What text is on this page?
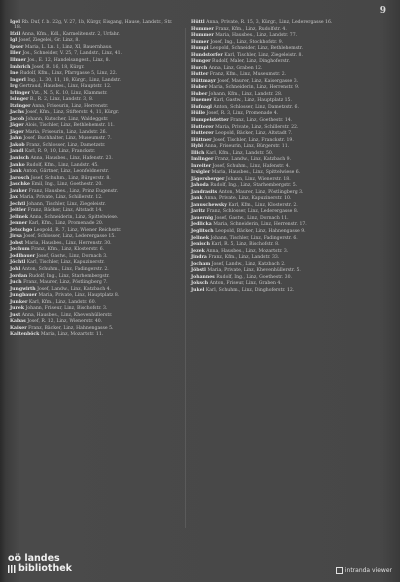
9
Igel Rb. Duf, f. b. 22g, V. 27, 1b, Kürgr, Eisgang, Hause, Landstr., Str. 18.
Ifzil Anna, Kfm., Kdl., Karmelitenstr. 2, Urfahr.
Igl Josef, Ziegelei, Gr. Linz, 8.
Ipser Maria, L. Ln. 1, Linz, XI, Bauernhaus.
Iller Jos., Schneider, V. 25, 7, Landstr., Linz, 41.
Illmer Jos., E. 12, Handelsangest., Linz, 8.
Imbrich Josef, R. 16, 18, Kürgr.
Ine Rudolf, Kfm., Linz, Pfarrgasse 5, Linz, 22.
Ingerl Ing., L. 30, 11, 18, Kürgr., Linz, Landstr.
Irg Gertraud, Hausbes., Linz, Hauptstr. 12.
Irlinger Vzt., N. 5, K. 10, Linz, Klammstr.
Isinger B., R. 2, Linz, Landstr. 3, 8.
Itzinger Anna, Friseurin, Linz, Herrenstr.
Jachs Josef, Kfm., Linz, Stifterstr. 4, 11, Kürgr.
Jacob Johann, Kutscher, Linz, Waldeggstr.
Jäger Alois, Tischler, Linz, Bethlehemstr. 11.
Jäger Maria, Friseurin, Linz, Landstr. 26.
Jahn Josef, Buchhalter, Linz, Museumstr. 7.
Jakob Franz, Schlosser, Linz, Dametzstr.
Jandl Karl, R. 9, 10, Linz, Franckstr.
Janisch Anna, Hausbes., Linz, Hafenstr. 23.
Janko Rudolf, Kfm., Linz, Landstr. 45.
Jank Anton, Gärtner, Linz, Leonfeldnerstr.
Jarosch Josef, Schuhm., Linz, Bürgerstr. 8.
Jaschke Emil, Ing., Linz, Goethestr. 20.
Jauker Franz, Hausbes., Linz, Prinz Eugenstr.
Jax Maria, Private, Linz, Schillerstr. 12.
Jechtl Johann, Tischler, Linz, Ziegeleistr.
Jeitler Franz, Bäcker, Linz, Altstadt 14.
Jelinek Anna, Schneiderin, Linz, Spittelwiese.
Jenner Karl, Kfm., Linz, Promenade 20.
Jetschgo Leopold, R. 7, Linz, Wiener Reichsstr.
Jirsa Josef, Schlosser, Linz, Lederergasse 15.
Jobst Maria, Hausbes., Linz, Herrenstr. 30.
Jochum Franz, Kfm., Linz, Klosterstr. 6.
Jodlbauer Josef, Gastw., Linz, Dornach 3.
Jöchtl Karl, Tischler, Linz, Kapuzinerstr.
Johl Anton, Schuhm., Linz, Fadingerstr. 2.
Jordan Rudolf, Ing., Linz, Starhembergstr.
Juch Franz, Maurer, Linz, Pöstlingberg 7.
Jungwirth Josef, Landw., Linz, Katzbach 4.
Jungbauer Maria, Private, Linz, Hauptplatz 8.
Junker Karl, Kfm., Linz, Landstr. 60.
Jurek Johann, Friseur, Linz, Bischofstr. 3.
Just Anna, Hausbes., Linz, Khevenhüllerstr.
Kabas Josef, R. 12, Linz, Wienerstr. 40.
Kaiser Franz, Bäcker, Linz, Hahnengasse 5.
Kaltenböck Maria, Linz, Mozartstr. 11.
Hüttl Anna, Private, R. 15, 3, Kürgr., Linz, Lederergasse 16.
Hummer Franz, Kfm., Linz, Rudolfstr. 4.
Hummer Maria, Hausbes., Linz, Landstr. 77.
Humer Josef, Ing., Linz, Stockhofstr. 9.
Humpl Leopold, Schneider, Linz, Bethlehemstr.
Hundstorfer Karl, Tischler, Linz, Ziegeleistr. 8.
Hunger Rudolf, Maler, Linz, Dinghoferstr.
Hurch Anna, Linz, Graben 12.
Hutter Franz, Kfm., Linz, Museumstr. 2.
Hüttmayr Josef, Maurer, Linz, Kaisergasse 3.
Huber Maria, Schneiderin, Linz, Herrenstr. 9.
Huber Johann, Kfm., Linz, Landstr. 28.
Huemer Karl, Gastw., Linz, Hauptplatz 15.
Hufnagl Anton, Schlosser, Linz, Dametzstr. 6.
Hülle Josef, R. 3, Linz, Promenade 4.
Humpelstetter Franz, Linz, Goethestr. 14.
Hutterer Maria, Private, Linz, Schillerstr. 22.
Hutterer Leopold, Bäcker, Linz, Altstadt 7.
Hüttner Josef, Tischler, Linz, Franckstr. 19.
Hybl Anna, Friseurin, Linz, Bürgerstr. 11.
Illich Karl, Kfm., Linz, Landstr. 50.
Imlinger Franz, Landw., Linz, Katzbach 9.
Inreiter Josef, Schuhm., Linz, Hafenstr. 4.
Irsigler Maria, Hausbes., Linz, Spittelwiese 6.
Jägersberger Johann, Linz, Wienerstr. 18.
Jahoda Rudolf, Ing., Linz, Starhembergstr. 5.
Jandrasits Anton, Maurer, Linz, Pöstlingberg 3.
Jank Anna, Private, Linz, Kapuzinerstr. 10.
Januschewsky Karl, Kfm., Linz, Klosterstr. 2.
Jaritz Franz, Schlosser, Linz, Lederergasse 8.
Jauernig Josef, Gastw., Linz, Dornach 11.
Jedlicka Maria, Schneiderin, Linz, Herrenstr. 17.
Jeglitsch Leopold, Bäcker, Linz, Hahnengasse 9.
Jelinek Johann, Tischler, Linz, Fadingerstr. 6.
Jenisch Karl, R. 5, Linz, Bischofstr. 8.
Jezek Anna, Hausbes., Linz, Mozartstr. 3.
Jindra Franz, Kfm., Linz, Landstr. 33.
Jocham Josef, Landw., Linz, Katzbach 2.
Jöbstl Maria, Private, Linz, Khevenhüllerstr. 5.
Johannes Rudolf, Ing., Linz, Goethestr. 30.
Joksch Anton, Friseur, Linz, Graben 4.
Jukel Karl, Schuhm., Linz, Dinghoferstr. 12.
oö landes
bibliothek	intranda viewer
